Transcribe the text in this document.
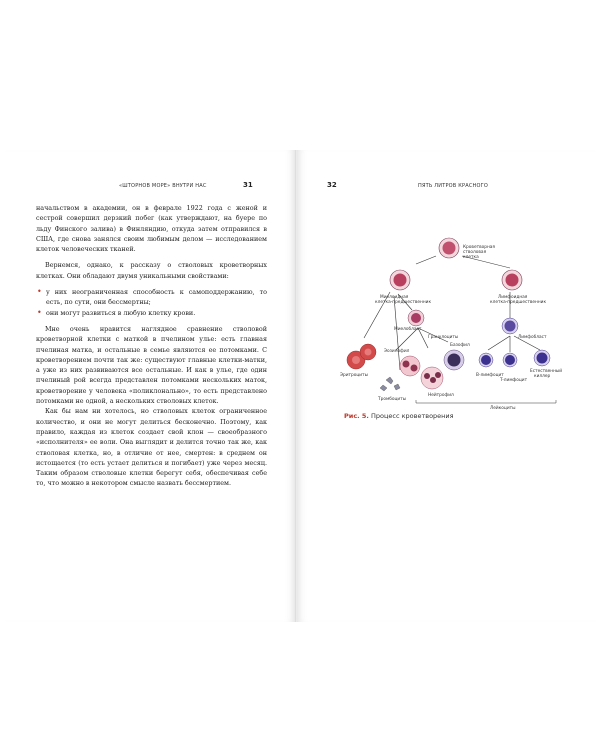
«ШТОРНОВ МОРЕ» ВНУТРИ НАС	31

начальством в академии, он в феврале 1922 года с женой и сестрой совершил дерзкий побег (как утверждают, на буере по льду Финского залива) в Финляндию, откуда затем отправился в США, где снова занялся своим любимым делом — исследованием клеток человеческих тканей.

Вернемся, однако, к рассказу о стволовых кроветворных клетках. Они обладают двумя уникальными свойствами:

• у них неограниченная способность к самоподдержанию, то есть, по сути, они бессмертны;
• они могут развиться в любую клетку крови.

Мне очень нравится наглядное сравнение стволовой кроветворной клетки с маткой в пчелином улье: есть главная пчелиная матка, и остальные в семье являются ее потомками. С кроветворением почти так же: существуют главные клетки-матки, а уже из них развиваются все остальные. И как в улье, где один пчелиный рой всегда представлен потомками нескольких маток, кроветворение у человека «поликлонально», то есть представлено потомками не одной, а нескольких стволовых клеток.

Как бы нам ни хотелось, но стволовых клеток ограниченное количество, и они не могут делиться бесконечно. Поэтому, как правило, каждая из клеток создает свой клон — своеобразного «исполнителя» ее воли. Она выглядит и делится точно так же, как стволовая клетка, но, в отличие от нее, смертен: в среднем он истощается (то есть устает делиться и погибает) уже через месяц. Таким образом стволовые клетки берегут себя, обеспечивая себе то, что можно в некотором смысле назвать бессмертием.

32	ПЯТЬ ЛИТРОВ КРАСНОГО
Кроветворная
стволовая
клетка
Миелоидная
клетка-предшественник
Лимфоидная
клетка-предшественник
Миелобласт
Лимфобласт
Гранулоциты
Базофил
Эозинофил
Нейтрофил
Эритроциты
Тромбоциты
B-лимфоцит
T-лимфоцит
Естественный
киллер
Лейкоциты
Рис. 5. Процесс кроветворения
